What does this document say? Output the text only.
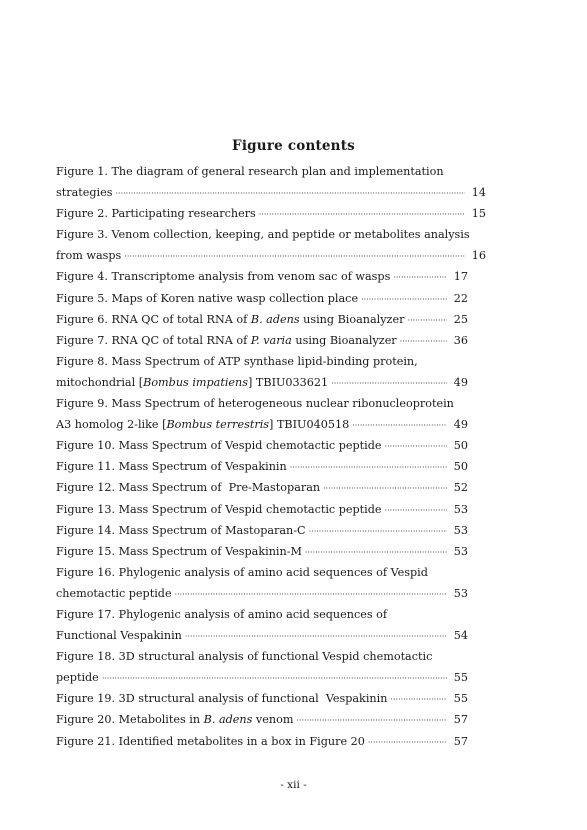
Figure contents
Figure 1. The diagram of general research plan and implementation
strategies ·····	14
Figure 2. Participating researchers ·····	15
Figure 3. Venom collection, keeping, and peptide or metabolites analysis
from wasps ·····	16
Figure 4. Transcriptome analysis from venom sac of wasps ·····	17
Figure 5. Maps of Koren native wasp collection place ·····	22
Figure 6. RNA QC of total RNA of B. adens using Bioanalyzer ·····	25
Figure 7. RNA QC of total RNA of P. varia using Bioanalyzer ·····	36
Figure 8. Mass Spectrum of ATP synthase lipid-binding protein,
mitochondrial [Bombus impatiens] TBIU033621 ·····	49
Figure 9. Mass Spectrum of heterogeneous nuclear ribonucleoprotein
A3 homolog 2-like [Bombus terrestris] TBIU040518 ·····	49
Figure 10. Mass Spectrum of Vespid chemotactic peptide ·····	50
Figure 11. Mass Spectrum of Vespakinin ·····	50
Figure 12. Mass Spectrum of  Pre-Mastoparan ·····	52
Figure 13. Mass Spectrum of Vespid chemotactic peptide ·····	53
Figure 14. Mass Spectrum of Mastoparan-C ·····	53
Figure 15. Mass Spectrum of Vespakinin-M ·····	53
Figure 16. Phylogenic analysis of amino acid sequences of Vespid
chemotactic peptide ·····	53
Figure 17. Phylogenic analysis of amino acid sequences of
Functional Vespakinin ·····	54
Figure 18. 3D structural analysis of functional Vespid chemotactic
peptide ·····	55
Figure 19. 3D structural analysis of functional  Vespakinin ·····	55
Figure 20. Metabolites in B. adens venom ·····	57
Figure 21. Identified metabolites in a box in Figure 20 ·····	57
- xii -
